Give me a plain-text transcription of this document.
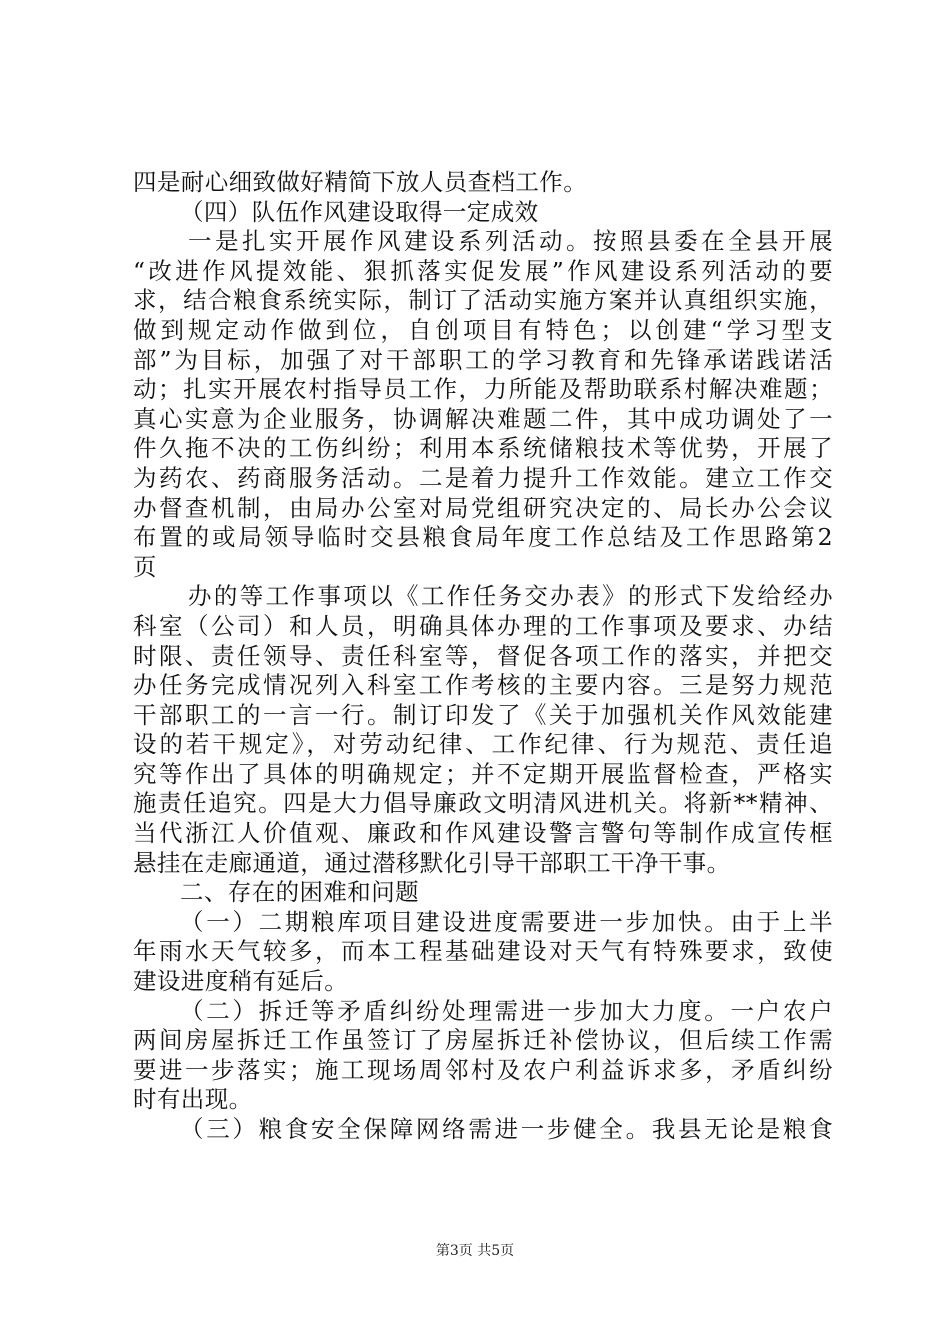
四是耐心细致做好精简下放人员查档工作。
（四）队伍作风建设取得一定成效
一是扎实开展作风建设系列活动。按照县委在全县开展
“改进作风提效能、狠抓落实促发展”作风建设系列活动的要
求，结合粮食系统实际，制订了活动实施方案并认真组织实施，
做到规定动作做到位，自创项目有特色；以创建“学习型支
部”为目标，加强了对干部职工的学习教育和先锋承诺践诺活
动；扎实开展农村指导员工作，力所能及帮助联系村解决难题；
真心实意为企业服务，协调解决难题二件，其中成功调处了一
件久拖不决的工伤纠纷；利用本系统储粮技术等优势，开展了
为药农、药商服务活动。二是着力提升工作效能。建立工作交
办督查机制，由局办公室对局党组研究决定的、局长办公会议
布置的或局领导临时交县粮食局年度工作总结及工作思路第2
页
办的等工作事项以《工作任务交办表》的形式下发给经办
科室（公司）和人员，明确具体办理的工作事项及要求、办结
时限、责任领导、责任科室等，督促各项工作的落实，并把交
办任务完成情况列入科室工作考核的主要内容。三是努力规范
干部职工的一言一行。制订印发了《关于加强机关作风效能建
设的若干规定》，对劳动纪律、工作纪律、行为规范、责任追
究等作出了具体的明确规定；并不定期开展监督检查，严格实
施责任追究。四是大力倡导廉政文明清风进机关。将新**精神、
当代浙江人价值观、廉政和作风建设警言警句等制作成宣传框
悬挂在走廊通道，通过潜移默化引导干部职工干净干事。
二、存在的困难和问题
（一）二期粮库项目建设进度需要进一步加快。由于上半
年雨水天气较多，而本工程基础建设对天气有特殊要求，致使
建设进度稍有延后。
（二）拆迁等矛盾纠纷处理需进一步加大力度。一户农户
两间房屋拆迁工作虽签订了房屋拆迁补偿协议，但后续工作需
要进一步落实；施工现场周邻村及农户利益诉求多，矛盾纠纷
时有出现。
（三）粮食安全保障网络需进一步健全。我县无论是粮食
第3页 共5页
